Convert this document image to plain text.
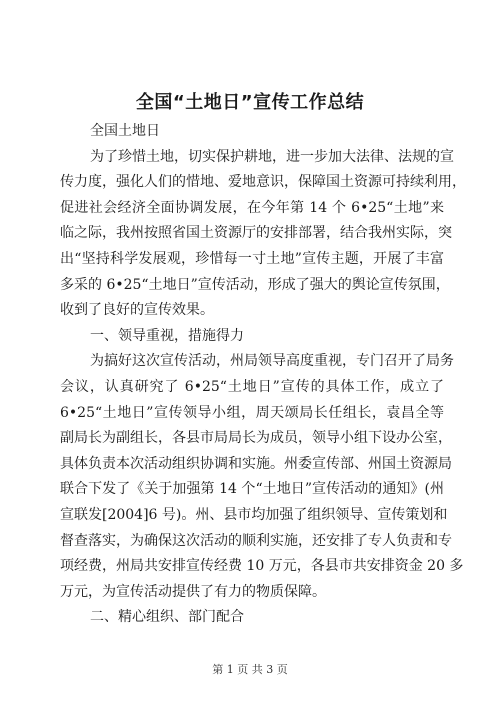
全国“土地日”宣传工作总结
全国土地日
为了珍惜土地，切实保护耕地，进一步加大法律、法规的宣
传力度，强化人们的惜地、爱地意识，保障国土资源可持续利用，
促进社会经济全面协调发展，在今年第 14 个 6•25“土地”来
临之际，我州按照省国土资源厅的安排部署，结合我州实际，突
出“坚持科学发展观，珍惜每一寸土地”宣传主题，开展了丰富
多采的 6•25“土地日”宣传活动，形成了强大的舆论宣传氛围，
收到了良好的宣传效果。
一、领导重视，措施得力
为搞好这次宣传活动，州局领导高度重视，专门召开了局务
会议，认真研究了 6•25“土地日”宣传的具体工作，成立了
6•25“土地日”宣传领导小组，周天颂局长任组长，袁昌全等
副局长为副组长，各县市局局长为成员，领导小组下设办公室，
具体负责本次活动组织协调和实施。州委宣传部、州国土资源局
联合下发了《关于加强第 14 个“土地日”宣传活动的通知》(州
宣联发[2004]6 号)。州、县市均加强了组织领导、宣传策划和
督查落实，为确保这次活动的顺利实施，还安排了专人负责和专
项经费，州局共安排宣传经费 10 万元，各县市共安排资金 20 多
万元，为宣传活动提供了有力的物质保障。
二、精心组织、部门配合
第 1 页 共 3 页
